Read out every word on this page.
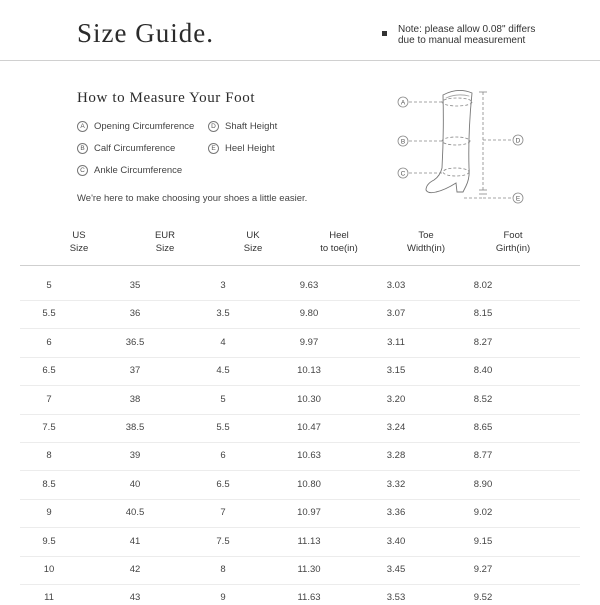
Size Guide.	Note: please allow 0.08" differs
due to manual measurement
How to Measure Your Foot
A Opening Circumference
B Calf Circumference
C Ankle Circumference
D Shaft Height
E Heel Height
We're here to make choosing your shoes a little easier.
A
B
C
D
E
US
Size
EUR
Size
UK
Size
Heel
to toe(in)
Toe
Width(in)
Foot
Girth(in)
5	35	3	9.63	3.03	8.02
5.5	36	3.5	9.80	3.07	8.15
6	36.5	4	9.97	3.11	8.27
6.5	37	4.5	10.13	3.15	8.40
7	38	5	10.30	3.20	8.52
7.5	38.5	5.5	10.47	3.24	8.65
8	39	6	10.63	3.28	8.77
8.5	40	6.5	10.80	3.32	8.90
9	40.5	7	10.97	3.36	9.02
9.5	41	7.5	11.13	3.40	9.15
10	42	8	11.30	3.45	9.27
11	43	9	11.63	3.53	9.52
